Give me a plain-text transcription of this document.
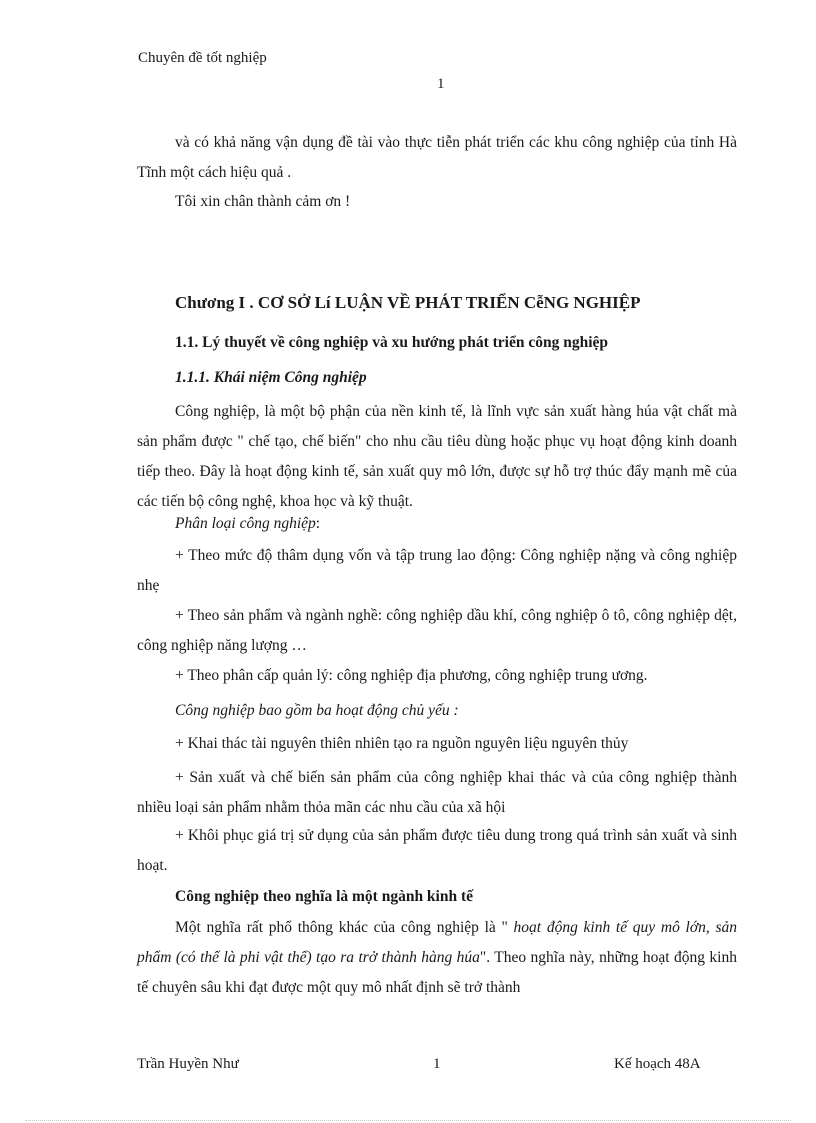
Chuyên đề tốt nghiệp
1

và có khả năng vận dụng đề tài vào thực tiễn phát triển các khu công nghiệp của tỉnh Hà Tĩnh một cách hiệu quả .

Tôi xin chân thành cảm ơn !

Chương I . CƠ SỞ Lí LUẬN VỀ PHÁT TRIỂN CễNG NGHIỆP

1.1. Lý thuyết về công nghiệp và xu hướng phát triển công nghiệp

1.1.1. Khái niệm Công nghiệp

Công nghiệp, là một bộ phận của nền kinh tế, là lĩnh vực sản xuất hàng húa vật chất mà sản phẩm được " chế tạo, chế biến" cho nhu cầu tiêu dùng hoặc phục vụ hoạt động kinh doanh tiếp theo. Đây là hoạt động kinh tế, sản xuất quy mô lớn, được sự hỗ trợ thúc đẩy mạnh mẽ của các tiến bộ công nghệ, khoa học và kỹ thuật.

Phân loại công nghiệp:

+ Theo mức độ thâm dụng vốn và tập trung lao động: Công nghiệp nặng và công nghiệp nhẹ

+ Theo sản phẩm và ngành nghề: công nghiệp dầu khí, công nghiệp ô tô, công nghiệp dệt, công nghiệp năng lượng …

+ Theo phân cấp quản lý: công nghiệp địa phương, công nghiệp trung ương.

Công nghiệp bao gồm ba hoạt động chủ yếu :

+ Khai thác tài nguyên thiên nhiên tạo ra nguồn nguyên liệu nguyên thủy

+ Sản xuất và chế biến sản phẩm của công nghiệp khai thác và của công nghiệp thành nhiều loại sản phẩm nhằm thỏa mãn các nhu cầu của xã hội

+ Khôi phục giá trị sử dụng của sản phẩm được tiêu dung trong quá trình sản xuất và sinh hoạt.

Công nghiệp theo nghĩa là một ngành kinh tế

Một nghĩa rất phổ thông khác của công nghiệp là " hoạt động kinh tế quy mô lớn, sản phẩm (có thể là phi vật thể) tạo ra trở thành hàng húa". Theo nghĩa này, những hoạt động kinh tế chuyên sâu khi đạt được một quy mô nhất định sẽ trở thành

Trần Huyền Như	1	Kế hoạch 48A
